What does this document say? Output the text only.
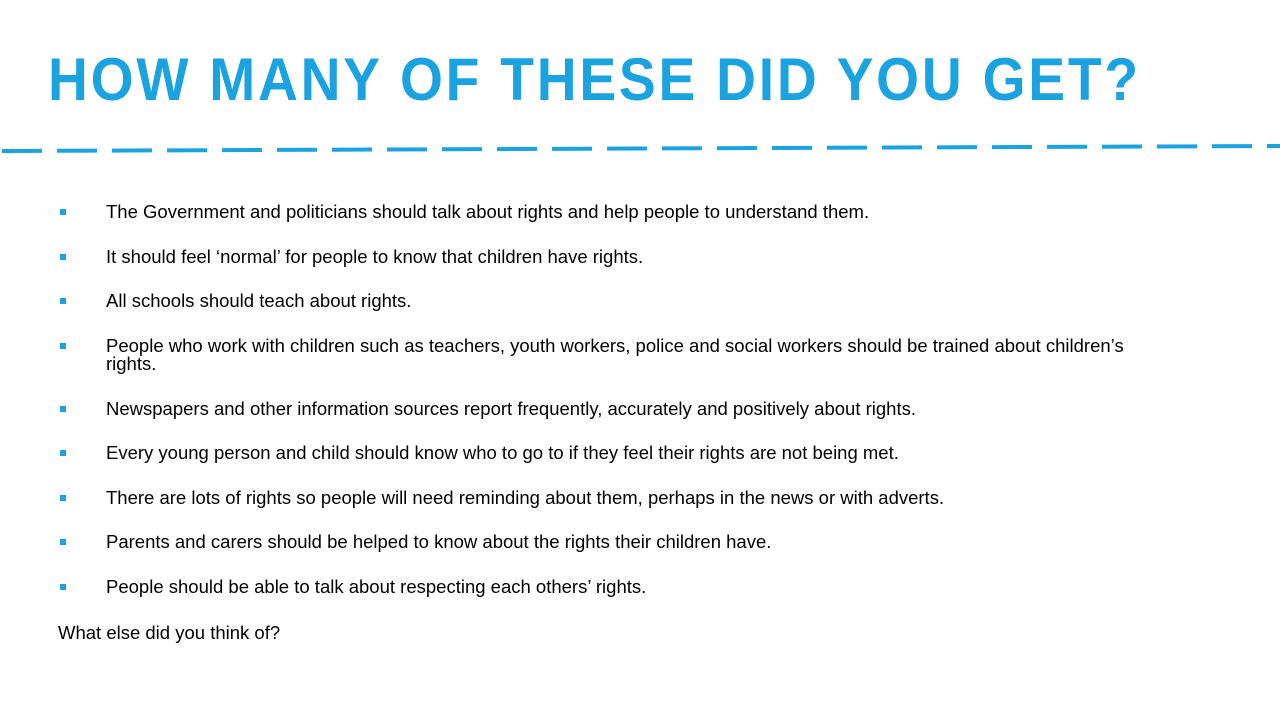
HOW MANY OF THESE DID YOU GET?
The Government and politicians should talk about rights and help people to understand them.
It should feel ‘normal’ for people to know that children have rights.
All schools should teach about rights.
People who work with children such as teachers, youth workers, police and social workers should be trained about children’s rights.
Newspapers and other information sources report frequently, accurately and positively about rights.
Every young person and child should know who to go to if they feel their rights are not being met.
There are lots of rights so people will need reminding about them, perhaps in the news or with adverts.
Parents and carers should be helped to know about the rights their children have.
People should be able to talk about respecting each others’ rights.

What else did you think of?
